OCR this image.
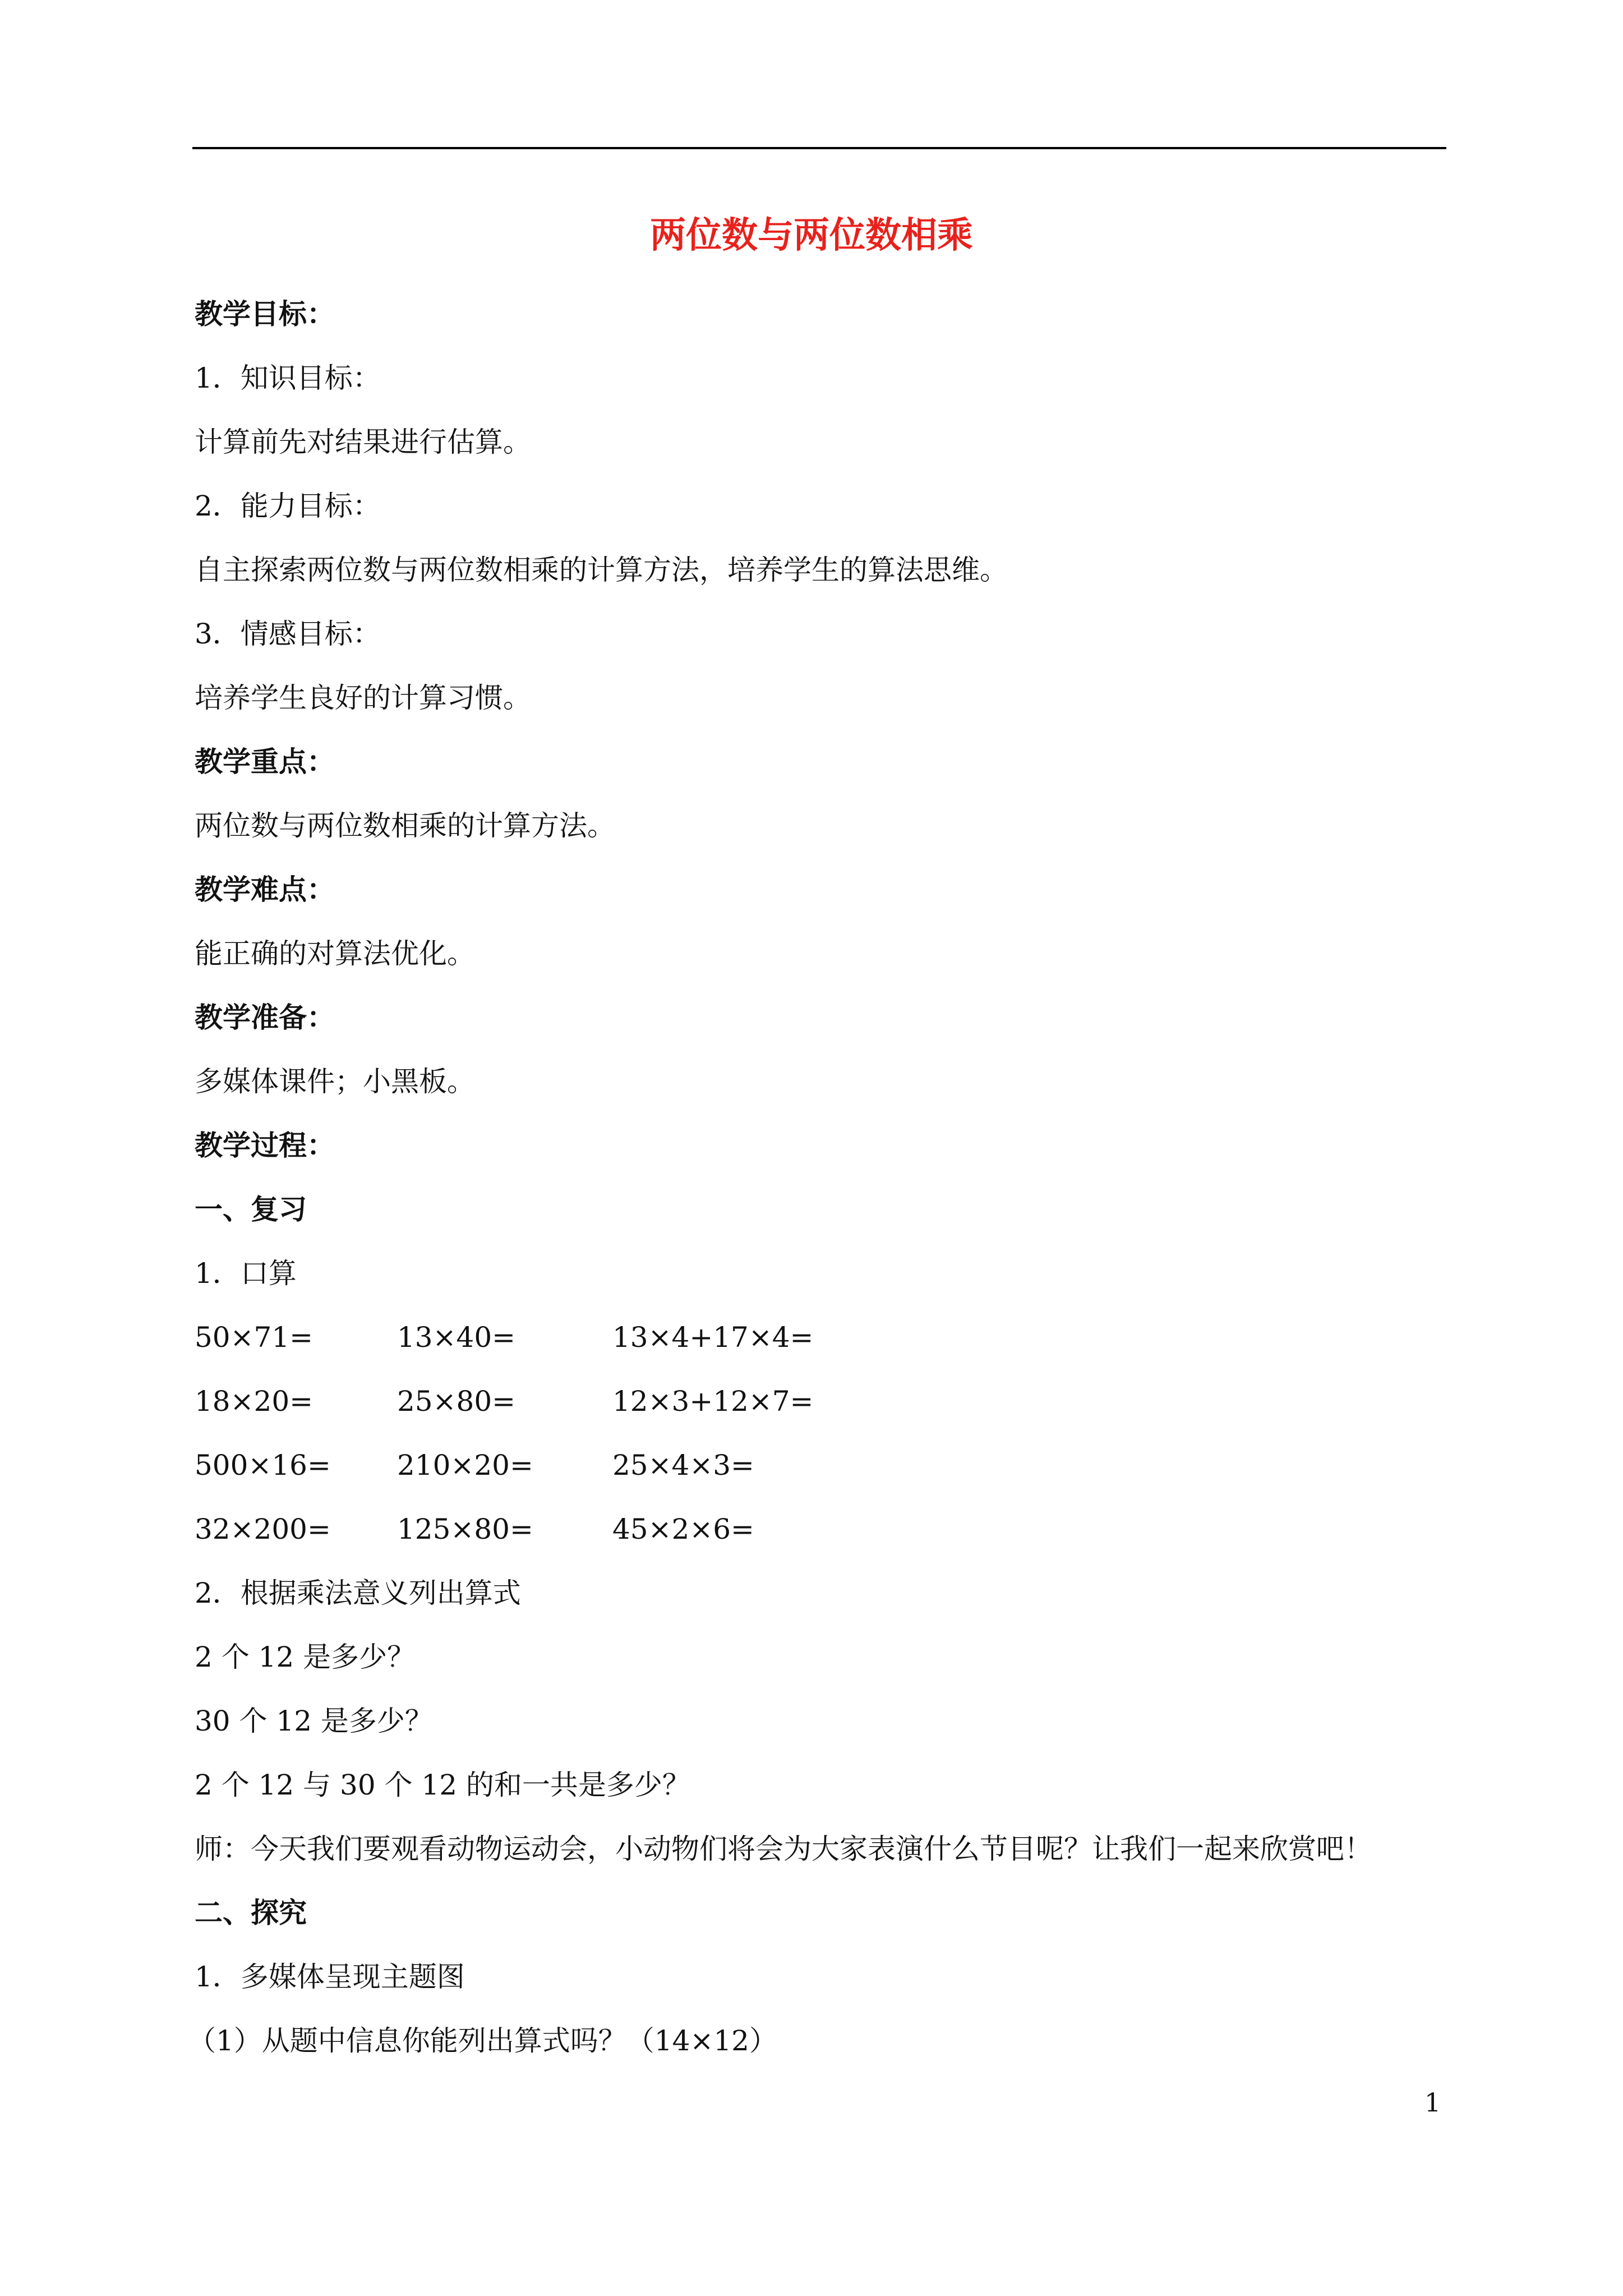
两位数与两位数相乘
教学目标：
1．知识目标：
计算前先对结果进行估算。
2．能力目标：
自主探索两位数与两位数相乘的计算方法，培养学生的算法思维。
3．情感目标：
培养学生良好的计算习惯。
教学重点：
两位数与两位数相乘的计算方法。
教学难点：
能正确的对算法优化。
教学准备：
多媒体课件；小黑板。
教学过程：
一、复习
1．口算
50×71=	13×40=	13×4+17×4=
18×20=	25×80=	12×3+12×7=
500×16= 210×20=	25×4×3=
32×200= 125×80=	45×2×6=
2．根据乘法意义列出算式
2 个 12 是多少？
30 个 12 是多少？
2 个 12 与 30 个 12 的和一共是多少？
师：今天我们要观看动物运动会，小动物们将会为大家表演什么节目呢？让我们一起来欣赏吧！
二、探究
1．多媒体呈现主题图
（1）从题中信息你能列出算式吗？（14×12）
1
